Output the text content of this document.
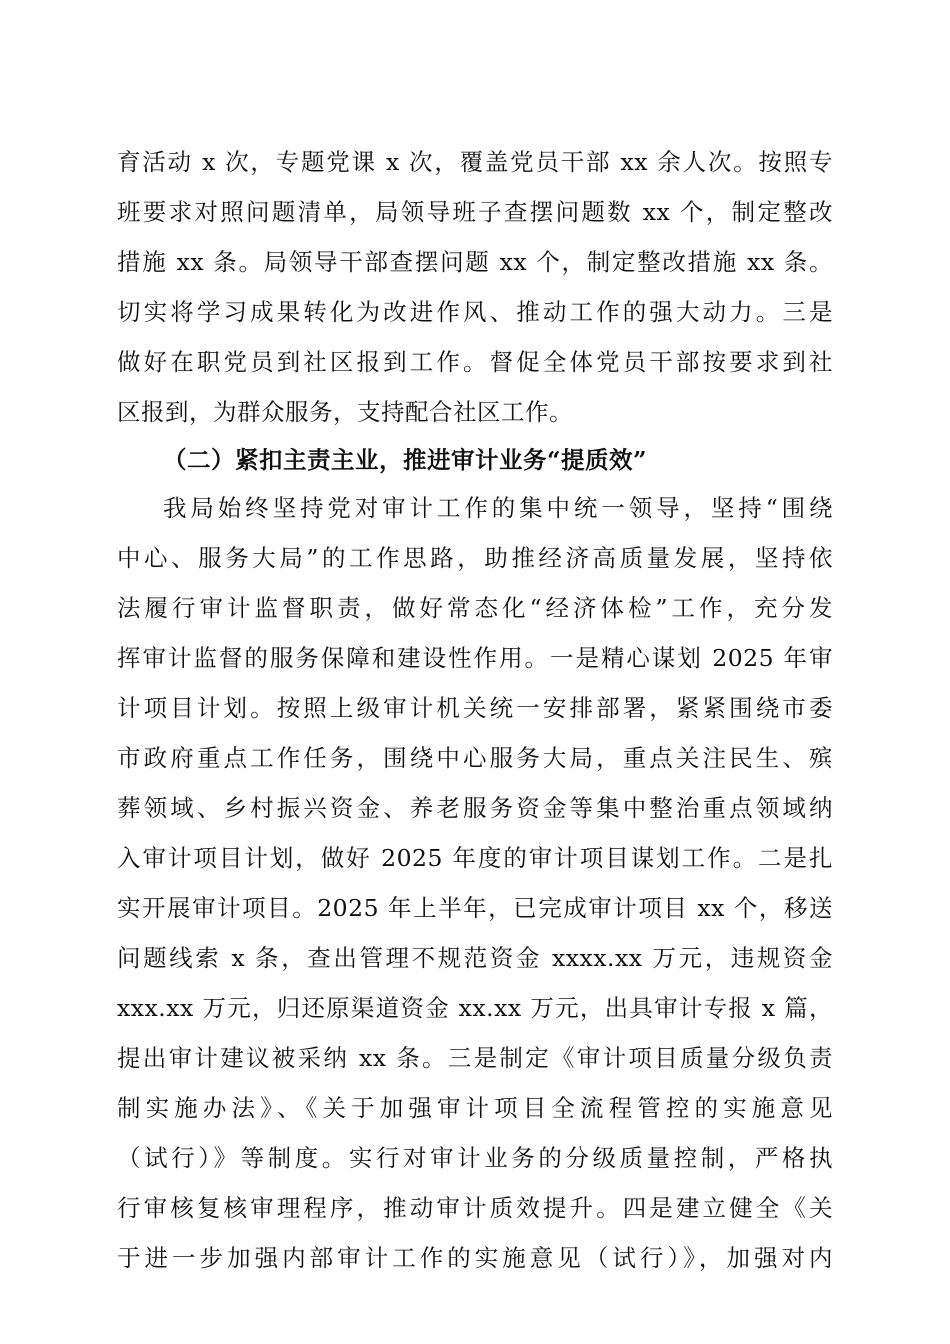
育活动 x 次，专题党课 x 次，覆盖党员干部 xx 余人次。按照专
班要求对照问题清单，局领导班子查摆问题数 xx 个，制定整改
措施 xx 条。局领导干部查摆问题 xx 个，制定整改措施 xx 条。
切实将学习成果转化为改进作风、推动工作的强大动力。三是
做好在职党员到社区报到工作。督促全体党员干部按要求到社
区报到，为群众服务，支持配合社区工作。
（二）紧扣主责主业，推进审计业务“提质效”
我局始终坚持党对审计工作的集中统一领导，坚持“围绕
中心、服务大局”的工作思路，助推经济高质量发展，坚持依
法履行审计监督职责，做好常态化“经济体检”工作，充分发
挥审计监督的服务保障和建设性作用。一是精心谋划 2025 年审
计项目计划。按照上级审计机关统一安排部署，紧紧围绕市委
市政府重点工作任务，围绕中心服务大局，重点关注民生、殡
葬领域、乡村振兴资金、养老服务资金等集中整治重点领域纳
入审计项目计划，做好 2025 年度的审计项目谋划工作。二是扎
实开展审计项目。2025 年上半年，已完成审计项目 xx 个，移送
问题线索 x 条，查出管理不规范资金 xxxx.xx 万元，违规资金
xxx.xx 万元，归还原渠道资金 xx.xx 万元，出具审计专报 x 篇，
提出审计建议被采纳 xx 条。三是制定《审计项目质量分级负责
制实施办法》、《关于加强审计项目全流程管控的实施意见
（试行）》等制度。实行对审计业务的分级质量控制，严格执
行审核复核审理程序，推动审计质效提升。四是建立健全《关
于进一步加强内部审计工作的实施意见（试行）》，加强对内
